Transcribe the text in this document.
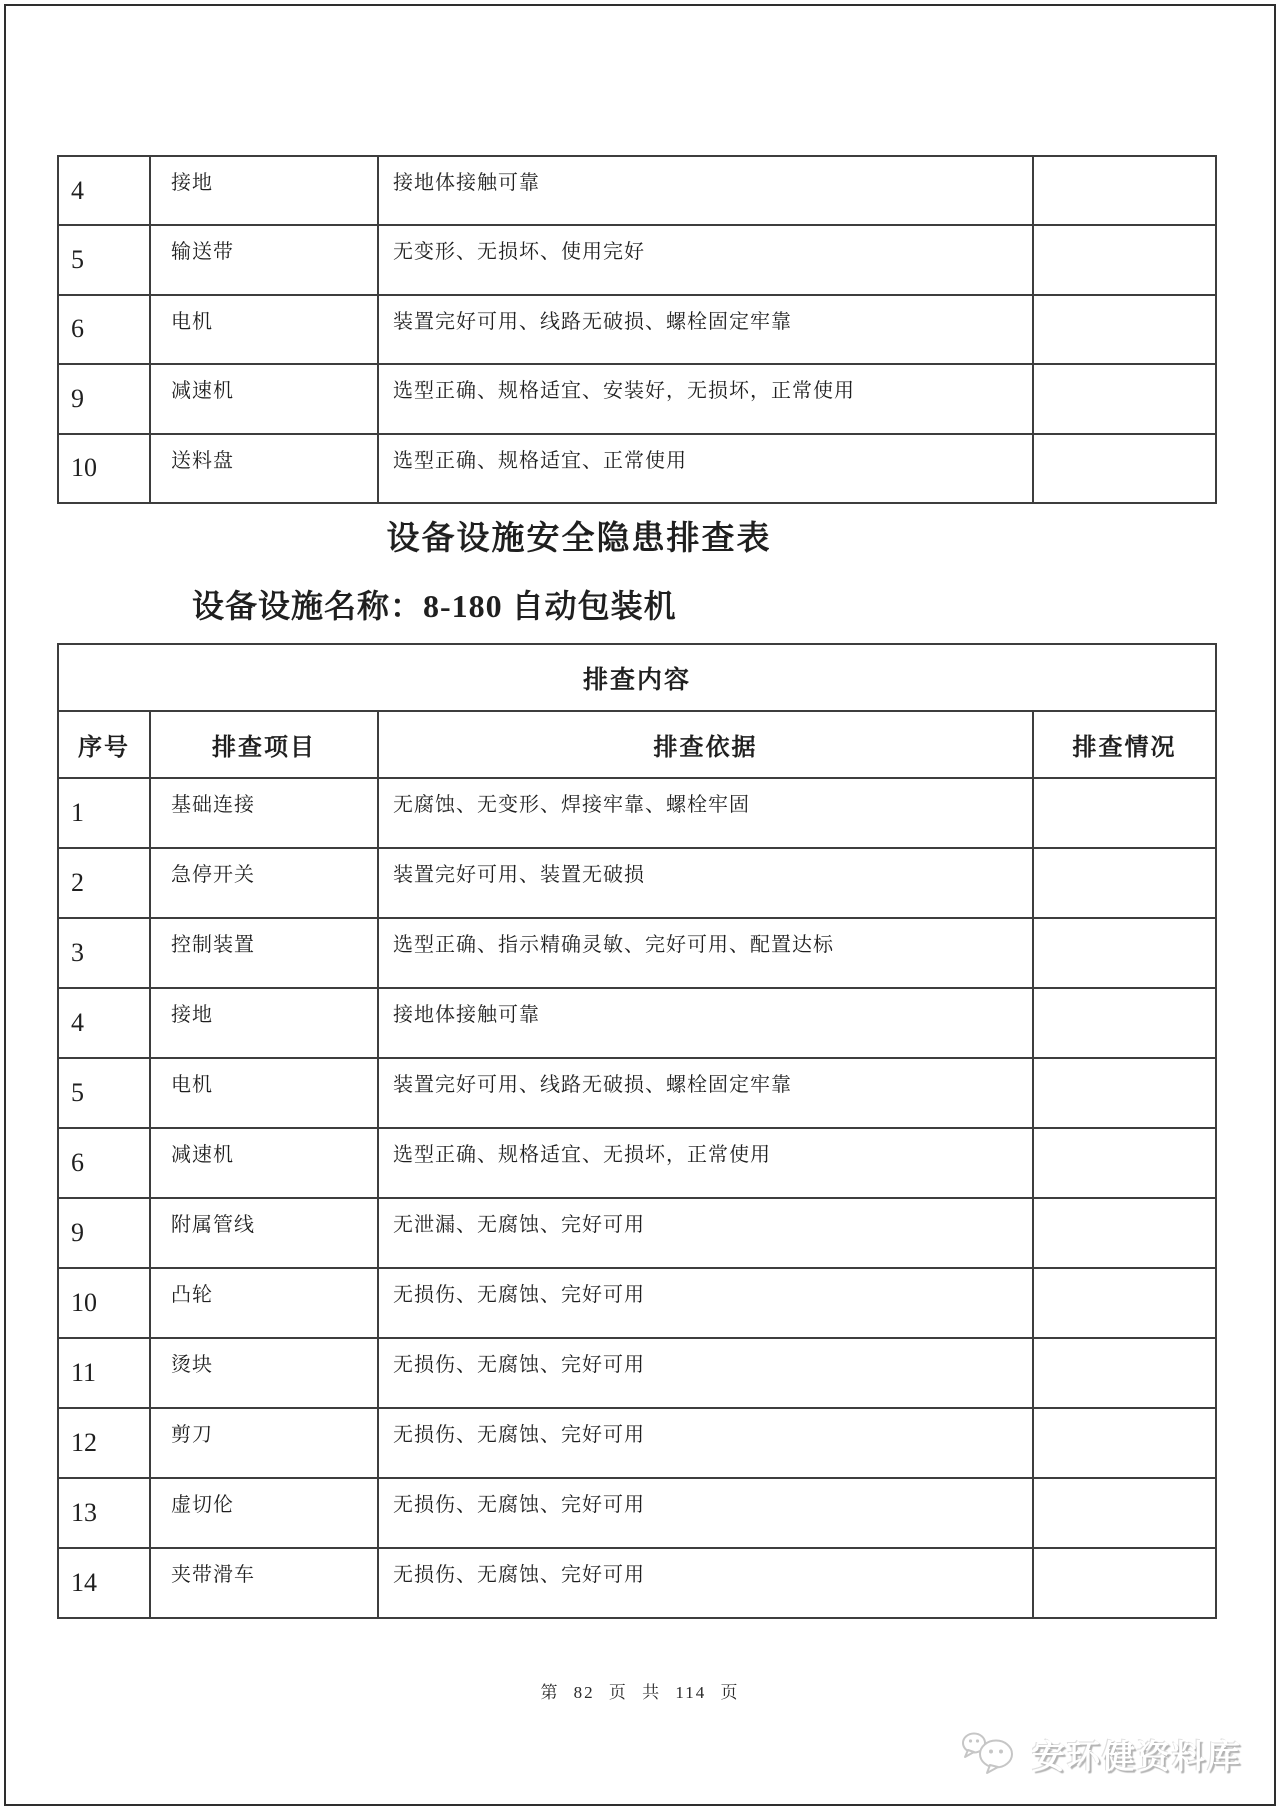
4	接地	接地体接触可靠	
5	输送带	无变形、无损坏、使用完好	
6	电机	装置完好可用、线路无破损、螺栓固定牢靠	
9	减速机	选型正确、规格适宜、安装好，无损坏，正常使用	
10	送料盘	选型正确、规格适宜、正常使用	
设备设施安全隐患排查表
设备设施名称：8-180 自动包装机
排查内容			
序号	排查项目	排查依据	排查情况
1	基础连接	无腐蚀、无变形、焊接牢靠、螺栓牢固	
2	急停开关	装置完好可用、装置无破损	
3	控制装置	选型正确、指示精确灵敏、完好可用、配置达标	
4	接地	接地体接触可靠	
5	电机	装置完好可用、线路无破损、螺栓固定牢靠	
6	减速机	选型正确、规格适宜、无损坏，正常使用	
9	附属管线	无泄漏、无腐蚀、完好可用	
10	凸轮	无损伤、无腐蚀、完好可用	
11	烫块	无损伤、无腐蚀、完好可用	
12	剪刀	无损伤、无腐蚀、完好可用	
13	虚切伦	无损伤、无腐蚀、完好可用	
14	夹带滑车	无损伤、无腐蚀、完好可用	
第 82 页 共 114 页
安环健资料库
